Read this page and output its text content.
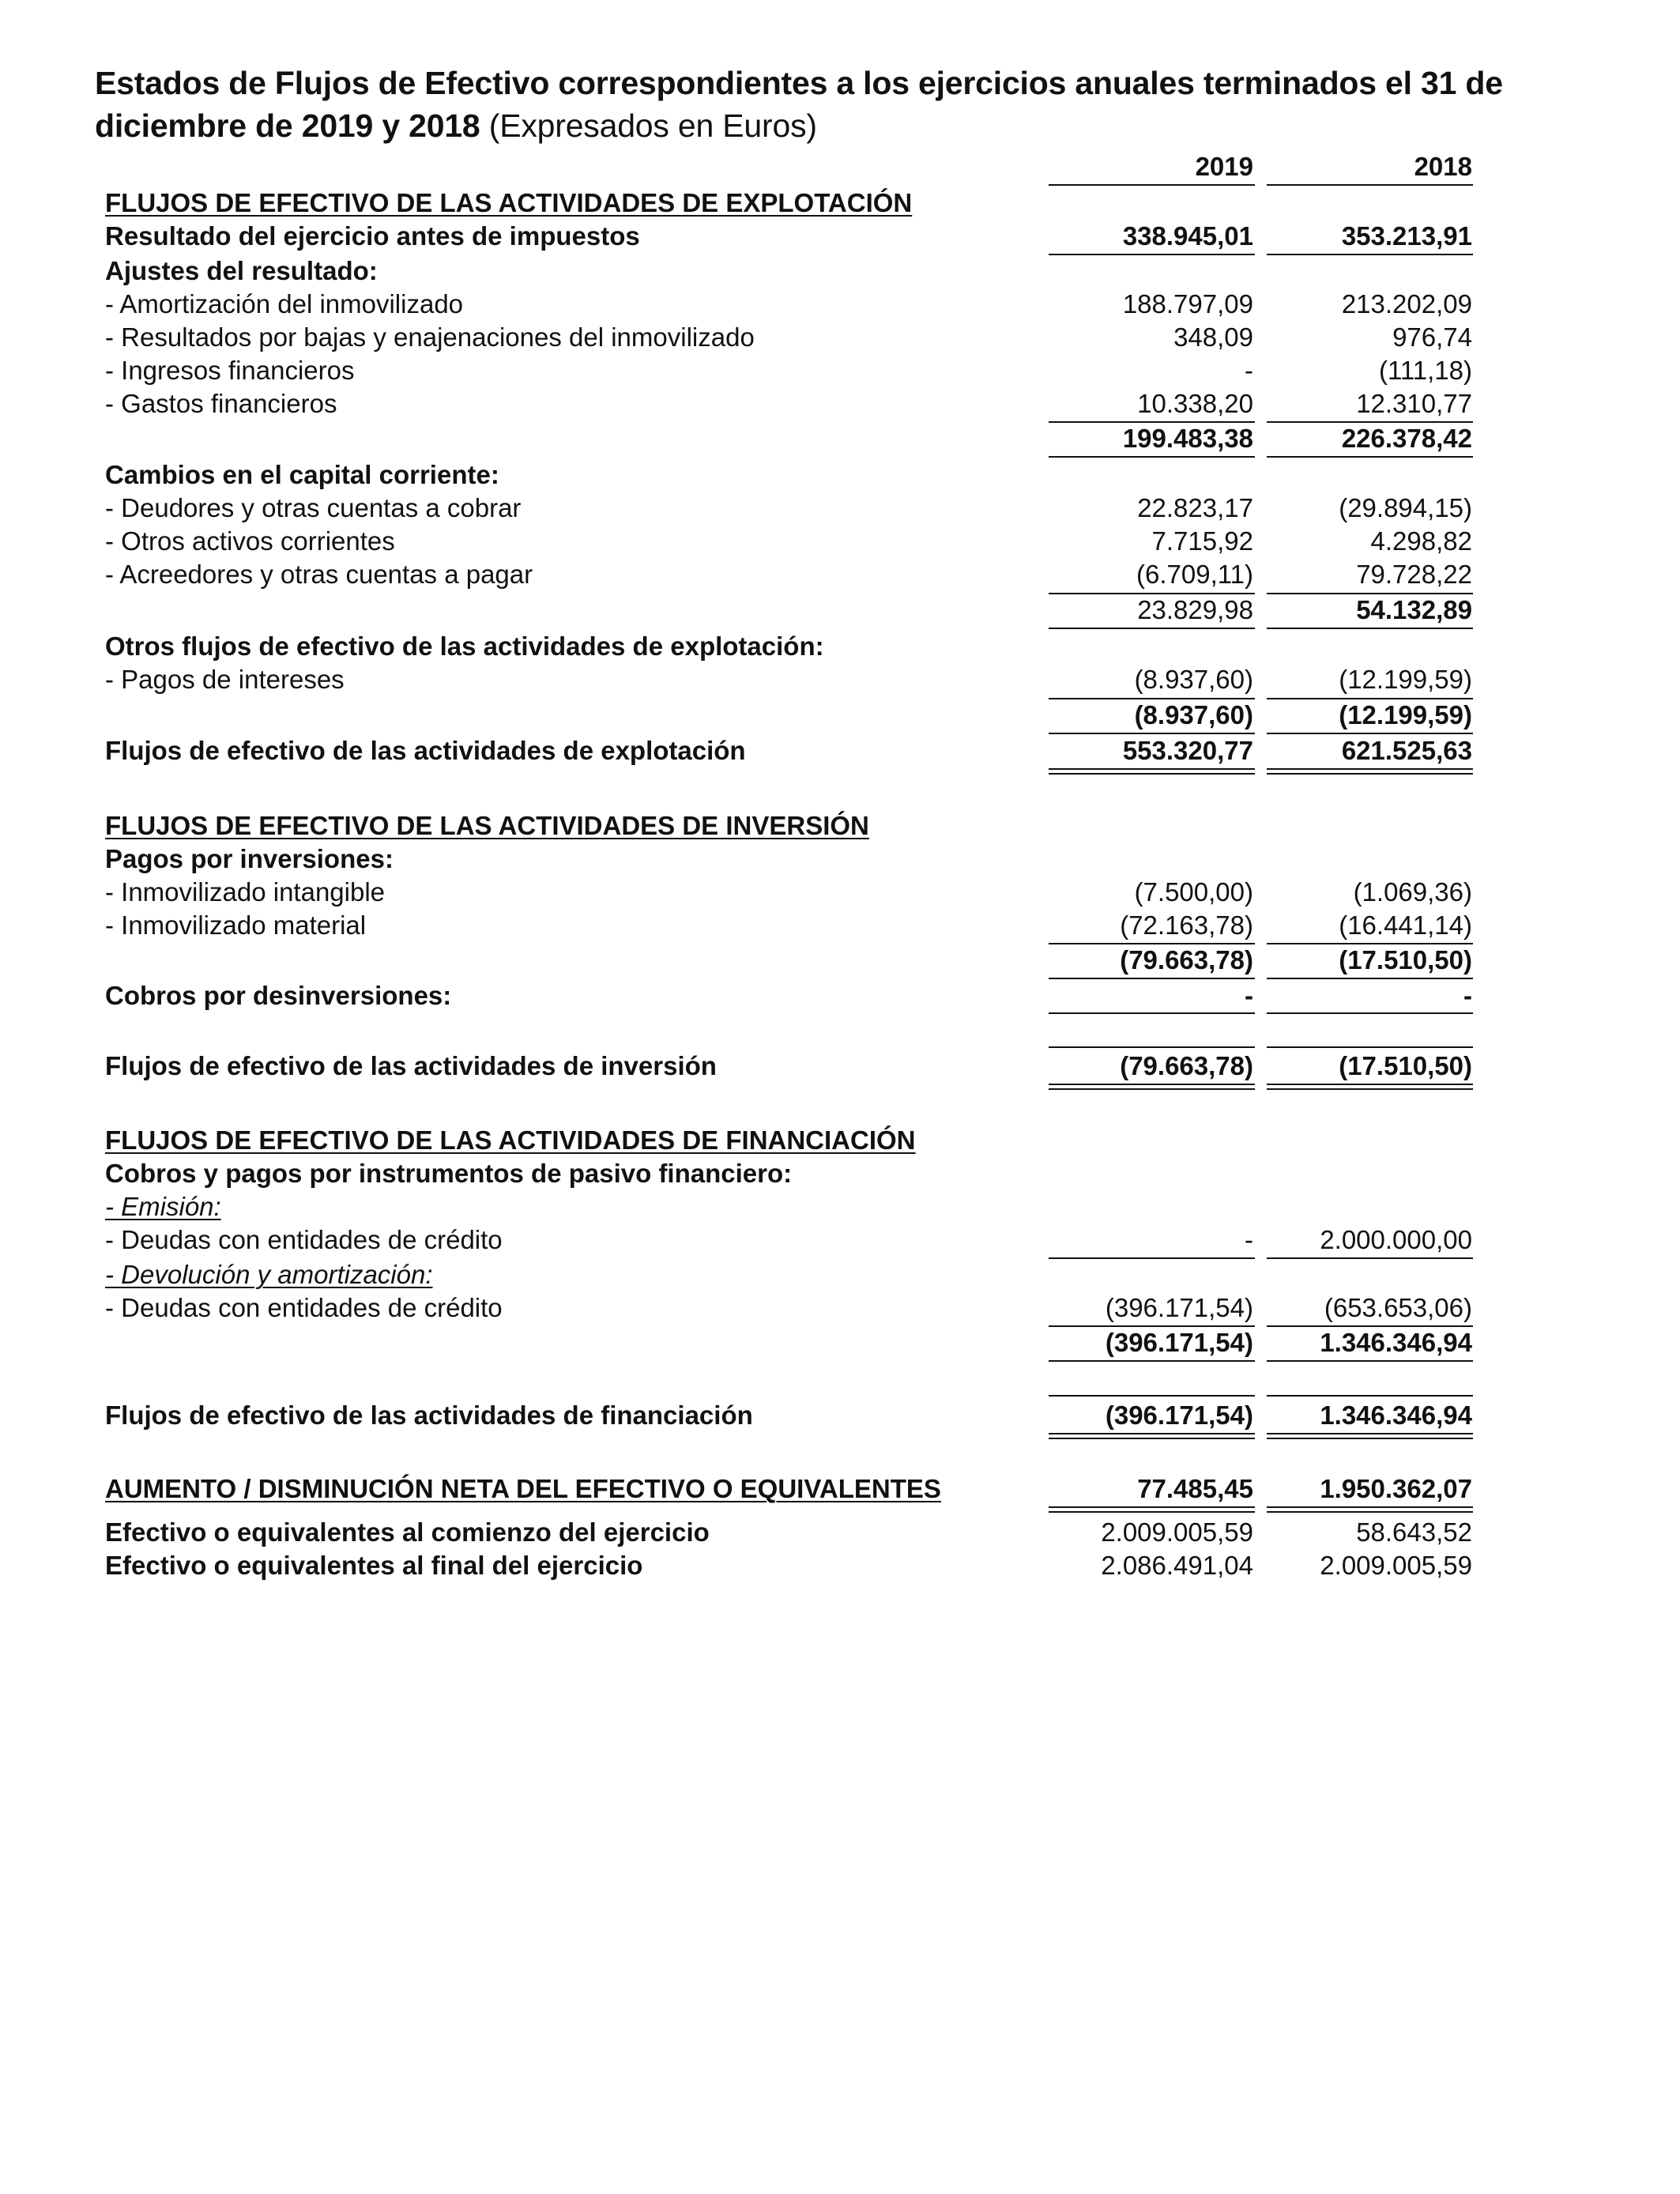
Estados de Flujos de Efectivo correspondientes a los ejercicios anuales terminados el 31 de diciembre de 2019 y 2018 (Expresados en Euros)
2019	2018
FLUJOS DE EFECTIVO DE LAS ACTIVIDADES DE EXPLOTACIÓN
Resultado del ejercicio antes de impuestos	338.945,01	353.213,91
Ajustes del resultado:
- Amortización del inmovilizado	188.797,09	213.202,09
- Resultados por bajas y enajenaciones del inmovilizado	348,09	976,74
- Ingresos financieros	-	(111,18)
- Gastos financieros	10.338,20	12.310,77
199.483,38	226.378,42
Cambios en el capital corriente:
- Deudores y otras cuentas a cobrar	22.823,17	(29.894,15)
- Otros activos corrientes	7.715,92	4.298,82
- Acreedores y otras cuentas a pagar	(6.709,11)	79.728,22
23.829,98	54.132,89
Otros flujos de efectivo de las actividades de explotación:
- Pagos de intereses	(8.937,60)	(12.199,59)
(8.937,60)	(12.199,59)
Flujos de efectivo de las actividades de explotación	553.320,77	621.525,63
FLUJOS DE EFECTIVO DE LAS ACTIVIDADES DE INVERSIÓN
Pagos por inversiones:
- Inmovilizado intangible	(7.500,00)	(1.069,36)
- Inmovilizado material	(72.163,78)	(16.441,14)
(79.663,78)	(17.510,50)
Cobros por desinversiones:	-	-
Flujos de efectivo de las actividades de inversión	(79.663,78)	(17.510,50)
FLUJOS DE EFECTIVO DE LAS ACTIVIDADES DE FINANCIACIÓN
Cobros y pagos por instrumentos de pasivo financiero:
- Emisión:
- Deudas con entidades de crédito	-	2.000.000,00
- Devolución y amortización:
- Deudas con entidades de crédito	(396.171,54)	(653.653,06)
(396.171,54)	1.346.346,94
Flujos de efectivo de las actividades de financiación	(396.171,54)	1.346.346,94
AUMENTO / DISMINUCIÓN NETA DEL EFECTIVO O EQUIVALENTES	77.485,45	1.950.362,07
Efectivo o equivalentes al comienzo del ejercicio	2.009.005,59	58.643,52
Efectivo o equivalentes al final del ejercicio	2.086.491,04	2.009.005,59
